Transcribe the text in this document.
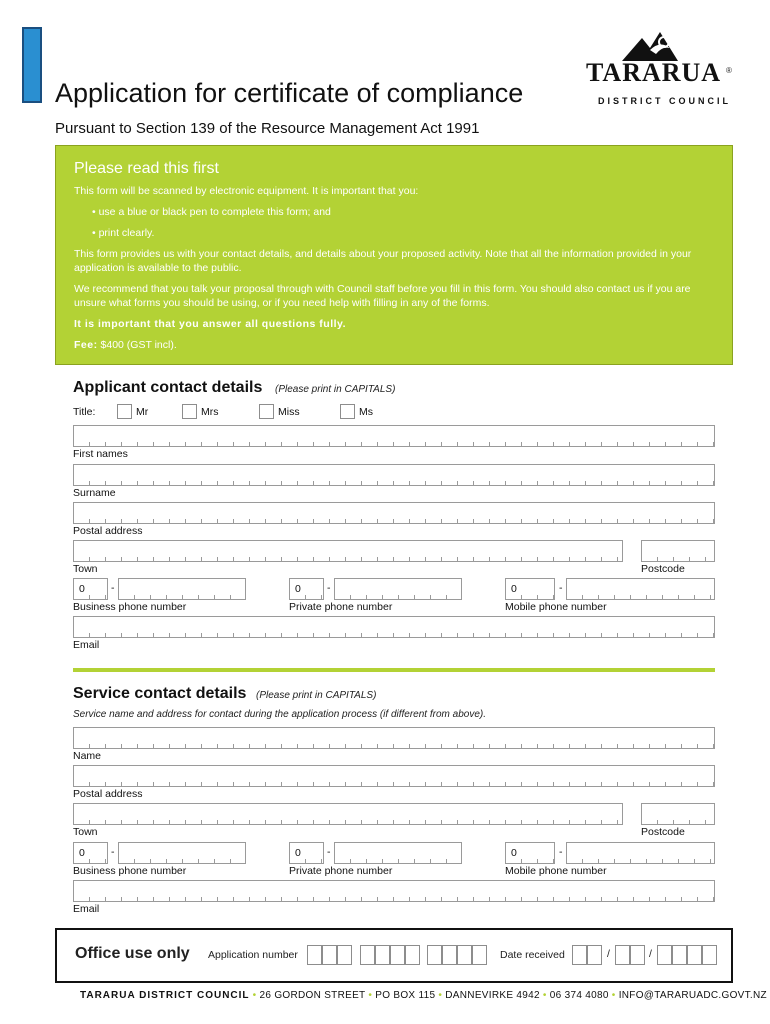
Application for certificate of compliance
Pursuant to Section 139 of the Resource Management Act 1991
TARARUA ®
DISTRICT COUNCIL
Please read this first
This form will be scanned by electronic equipment. It is important that you:
• use a blue or black pen to complete this form; and
• print clearly.
This form provides us with your contact details, and details about your proposed activity. Note that all the information provided in your application is available to the public.
We recommend that you talk your proposal through with Council staff before you fill in this form. You should also contact us if you are unsure what forms you should be using, or if you need help with filling in any of the forms.
It is important that you answer all questions fully.
Fee: $400 (GST incl).
Applicant contact details (Please print in CAPITALS)
Title:	Mr	Mrs	Miss	Ms
First names
Surname
Postal address
Town	Postcode
0 -
Business phone number
0 -
Private phone number
0	-
Mobile phone number
Email
Service contact details (Please print in CAPITALS)
Service name and address for contact during the application process (if different from above).
Name
Postal address
Town	Postcode
0 -
Business phone number
0 -
Private phone number
0	-
Mobile phone number
Email
Office use only Application number	Date received	/	/
TARARUA DISTRICT COUNCIL • 26 GORDON STREET • PO BOX 115 • DANNEVIRKE 4942 • 06 374 4080 • INFO@TARARUADC.GOVT.NZ
